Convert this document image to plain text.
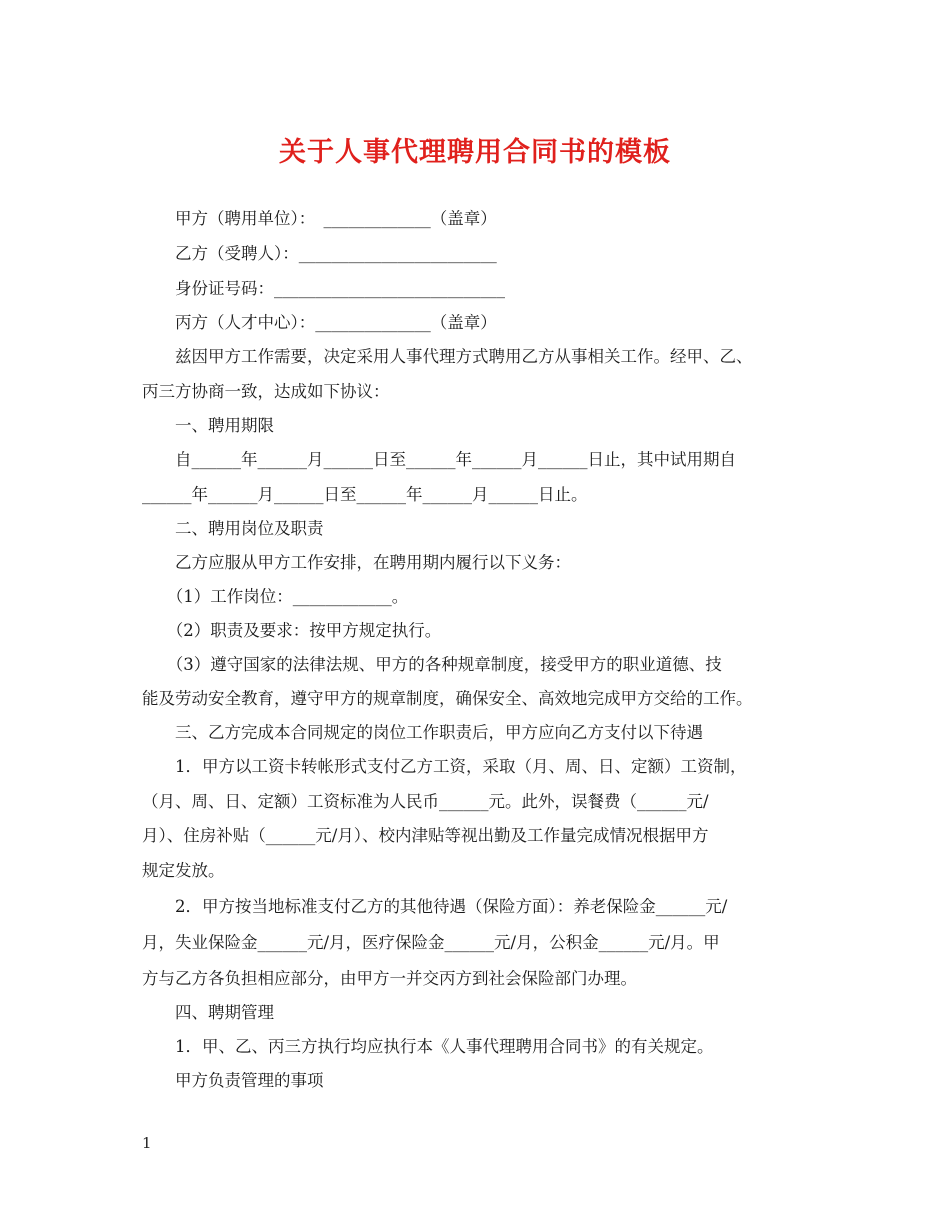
关于人事代理聘用合同书的模板
　　甲方（聘用单位）：　_____________（盖章）
　　乙方（受聘人）：________________________
　　身份证号码：____________________________
　　丙方（人才中心）：______________（盖章）
　　兹因甲方工作需要，决定采用人事代理方式聘用乙方从事相关工作。经甲、乙、
丙三方协商一致，达成如下协议：
　　一、聘用期限
　　自______年______月______日至______年______月______日止，其中试用期自
______年______月______日至______年______月______日止。
　　二、聘用岗位及职责
　　乙方应服从甲方工作安排，在聘用期内履行以下义务：
　　（1）工作岗位：____________。
　　（2）职责及要求：按甲方规定执行。
　　（3）遵守国家的法律法规、甲方的各种规章制度，接受甲方的职业道德、技
能及劳动安全教育，遵守甲方的规章制度，确保安全、高效地完成甲方交给的工作。
　　三、乙方完成本合同规定的岗位工作职责后，甲方应向乙方支付以下待遇
　　1．甲方以工资卡转帐形式支付乙方工资，采取（月、周、日、定额）工资制，
（月、周、日、定额）工资标准为人民币______元。此外，误餐费（______元/
月）、住房补贴（______元/月）、校内津贴等视出勤及工作量完成情况根据甲方
规定发放。
　　2．甲方按当地标准支付乙方的其他待遇（保险方面）：养老保险金______元/
月，失业保险金______元/月，医疗保险金______元/月，公积金______元/月。甲
方与乙方各负担相应部分，由甲方一并交丙方到社会保险部门办理。
　　四、聘期管理
　　1．甲、乙、丙三方执行均应执行本《人事代理聘用合同书》的有关规定。
　　甲方负责管理的事项
1
